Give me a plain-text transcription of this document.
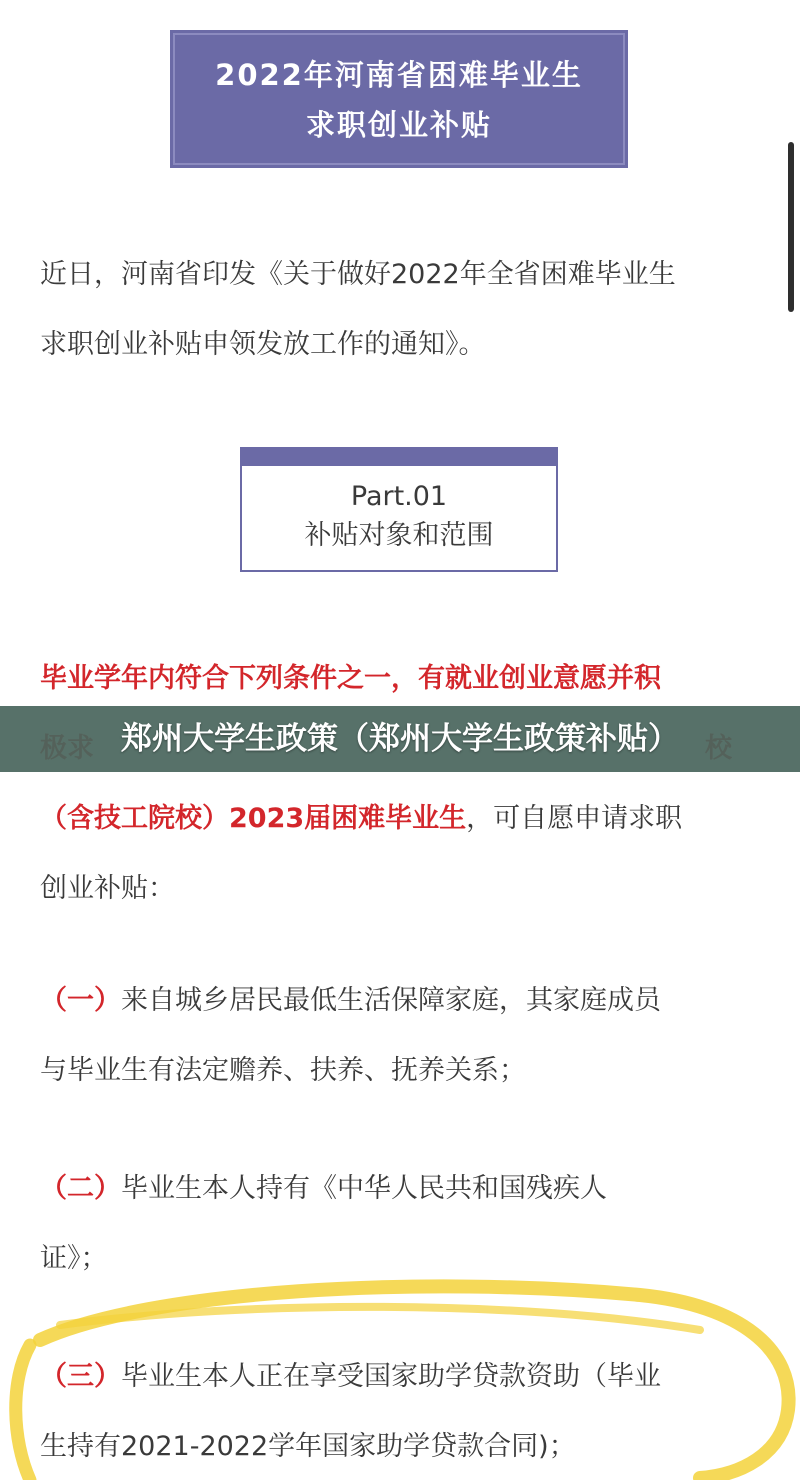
2022年河南省困难毕业生
求职创业补贴
近日，河南省印发《关于做好2022年全省困难毕业生
求职创业补贴申领发放工作的通知》。
Part.01
补贴对象和范围
毕业学年内符合下列条件之一，有就业创业意愿并积
（含技工院校）2023届困难毕业生，可自愿申请求职
创业补贴：
（一）来自城乡居民最低生活保障家庭，其家庭成员
与毕业生有法定赡养、扶养、抚养关系；
（二）毕业生本人持有《中华人民共和国残疾人
证》；
（三）毕业生本人正在享受国家助学贷款资助（毕业
生持有2021-2022学年国家助学贷款合同)；
郑州大学生政策（郑州大学生政策补贴）
